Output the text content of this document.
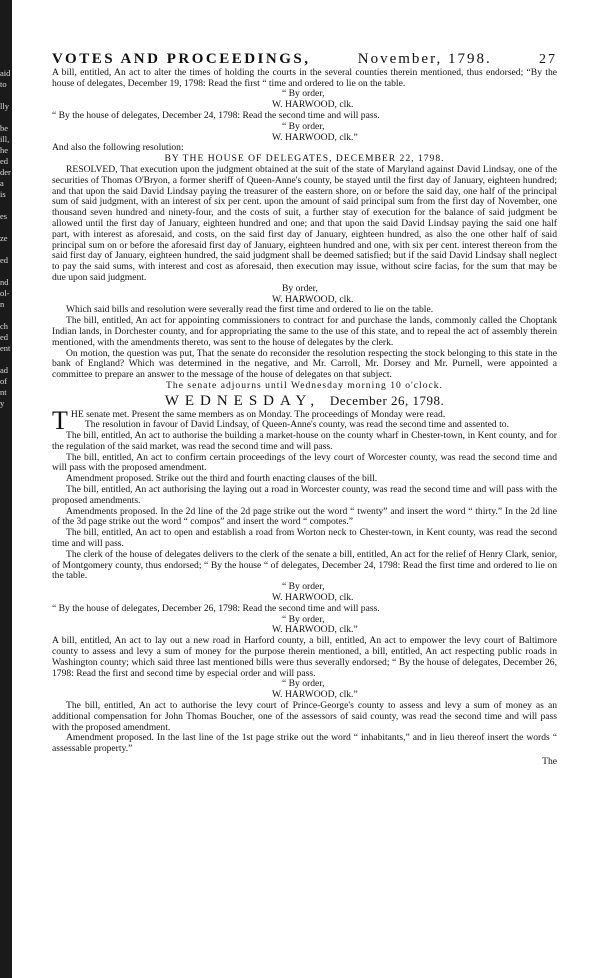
aid
to

lly

be
ill,
he
ed
der
a
is

es

ze

ed

nd
ol-
n

ch
ed
ent

ad
of
nt
y
VOTES AND PROCEEDINGS,	November, 1798.	27

A bill, entitled, An act to alter the times of holding the courts in the several counties therein mentioned, thus endorsed; “By the house of delegates, December 19, 1798: Read the first “ time and ordered to lie on the table.

“ By order,

W. HARWOOD, clk.

“ By the house of delegates, December 24, 1798: Read the second time and will pass.

“ By order,

W. HARWOOD, clk.”

And also the following resolution:

BY THE HOUSE OF DELEGATES, DECEMBER 22, 1798.

RESOLVED, That execution upon the judgment obtained at the suit of the state of Maryland against David Lindsay, one of the securities of Thomas O'Bryon, a former sheriff of Queen-Anne's county, be stayed until the first day of January, eighteen hundred; and that upon the said David Lindsay paying the treasurer of the eastern shore, on or before the said day, one half of the principal sum of said judgment, with an interest of six per cent. upon the amount of said principal sum from the first day of November, one thousand seven hundred and ninety-four, and the costs of suit, a further stay of execution for the balance of said judgment be allowed until the first day of January, eighteen hundred and one; and that upon the said David Lindsay paying the said one half part, with interest as aforesaid, and costs, on the said first day of January, eighteen hundred, as also the one other half of said principal sum on or before the aforesaid first day of January, eighteen hundred and one, with six per cent. interest thereon from the said first day of January, eighteen hundred, the said judgment shall be deemed satisfied; but if the said David Lindsay shall neglect to pay the said sums, with interest and cost as aforesaid, then execution may issue, without scire facias, for the sum that may be due upon said judgment.

By order,

W. HARWOOD, clk.

Which said bills and resolution were severally read the first time and ordered to lie on the table.

The bill, entitled, An act for appointing commissioners to contract for and purchase the lands, commonly called the Choptank Indian lands, in Dorchester county, and for appropriating the same to the use of this state, and to repeal the act of assembly therein mentioned, with the amendments thereto, was sent to the house of delegates by the clerk.

On motion, the question was put, That the senate do reconsider the resolution respecting the stock belonging to this state in the bank of England? Which was determined in the negative, and Mr. Carroll, Mr. Dorsey and Mr. Purnell, were appointed a committee to prepare an answer to the message of the house of delegates on that subject.

The senate adjourns until Wednesday morning 10 o'clock.

WEDNESDAY, December 26, 1798.

THE senate met. Present the same members as on Monday. The proceedings of Monday were read.

The resolution in favour of David Lindsay, of Queen-Anne's county, was read the second time and assented to.

The bill, entitled, An act to authorise the building a market-house on the county wharf in Chester-town, in Kent county, and for the regulation of the said market, was read the second time and will pass.

The bill, entitled, An act to confirm certain proceedings of the levy court of Worcester county, was read the second time and will pass with the proposed amendment.

Amendment proposed. Strike out the third and fourth enacting clauses of the bill.

The bill, entitled, An act authorising the laying out a road in Worcester county, was read the second time and will pass with the proposed amendments.

Amendments proposed. In the 2d line of the 2d page strike out the word “ twenty” and insert the word “ thirty.” In the 2d line of the 3d page strike out the word “ compos” and insert the word “ compotes.”

The bill, entitled, An act to open and establish a road from Worton neck to Chester-town, in Kent county, was read the second time and will pass.

The clerk of the house of delegates delivers to the clerk of the senate a bill, entitled, An act for the relief of Henry Clark, senior, of Montgomery county, thus endorsed; “ By the house “ of delegates, December 24, 1798: Read the first time and ordered to lie on the table.

“ By order,

W. HARWOOD, clk.

“ By the house of delegates, December 26, 1798: Read the second time and will pass.

“ By order,

W. HARWOOD, clk.”

A bill, entitled, An act to lay out a new road in Harford county, a bill, entitled, An act to empower the levy court of Baltimore county to assess and levy a sum of money for the purpose therein mentioned, a bill, entitled, An act respecting public roads in Washington county; which said three last mentioned bills were thus severally endorsed; “ By the house of delegates, December 26, 1798: Read the first and second time by especial order and will pass.

“ By order,

W. HARWOOD, clk.”

The bill, entitled, An act to authorise the levy court of Prince-George's county to assess and levy a sum of money as an additional compensation for John Thomas Boucher, one of the assessors of said county, was read the second time and will pass with the proposed amendment.

Amendment proposed. In the last line of the 1st page strike out the word “ inhabitants,” and in lieu thereof insert the words “ assessable property.”

The
